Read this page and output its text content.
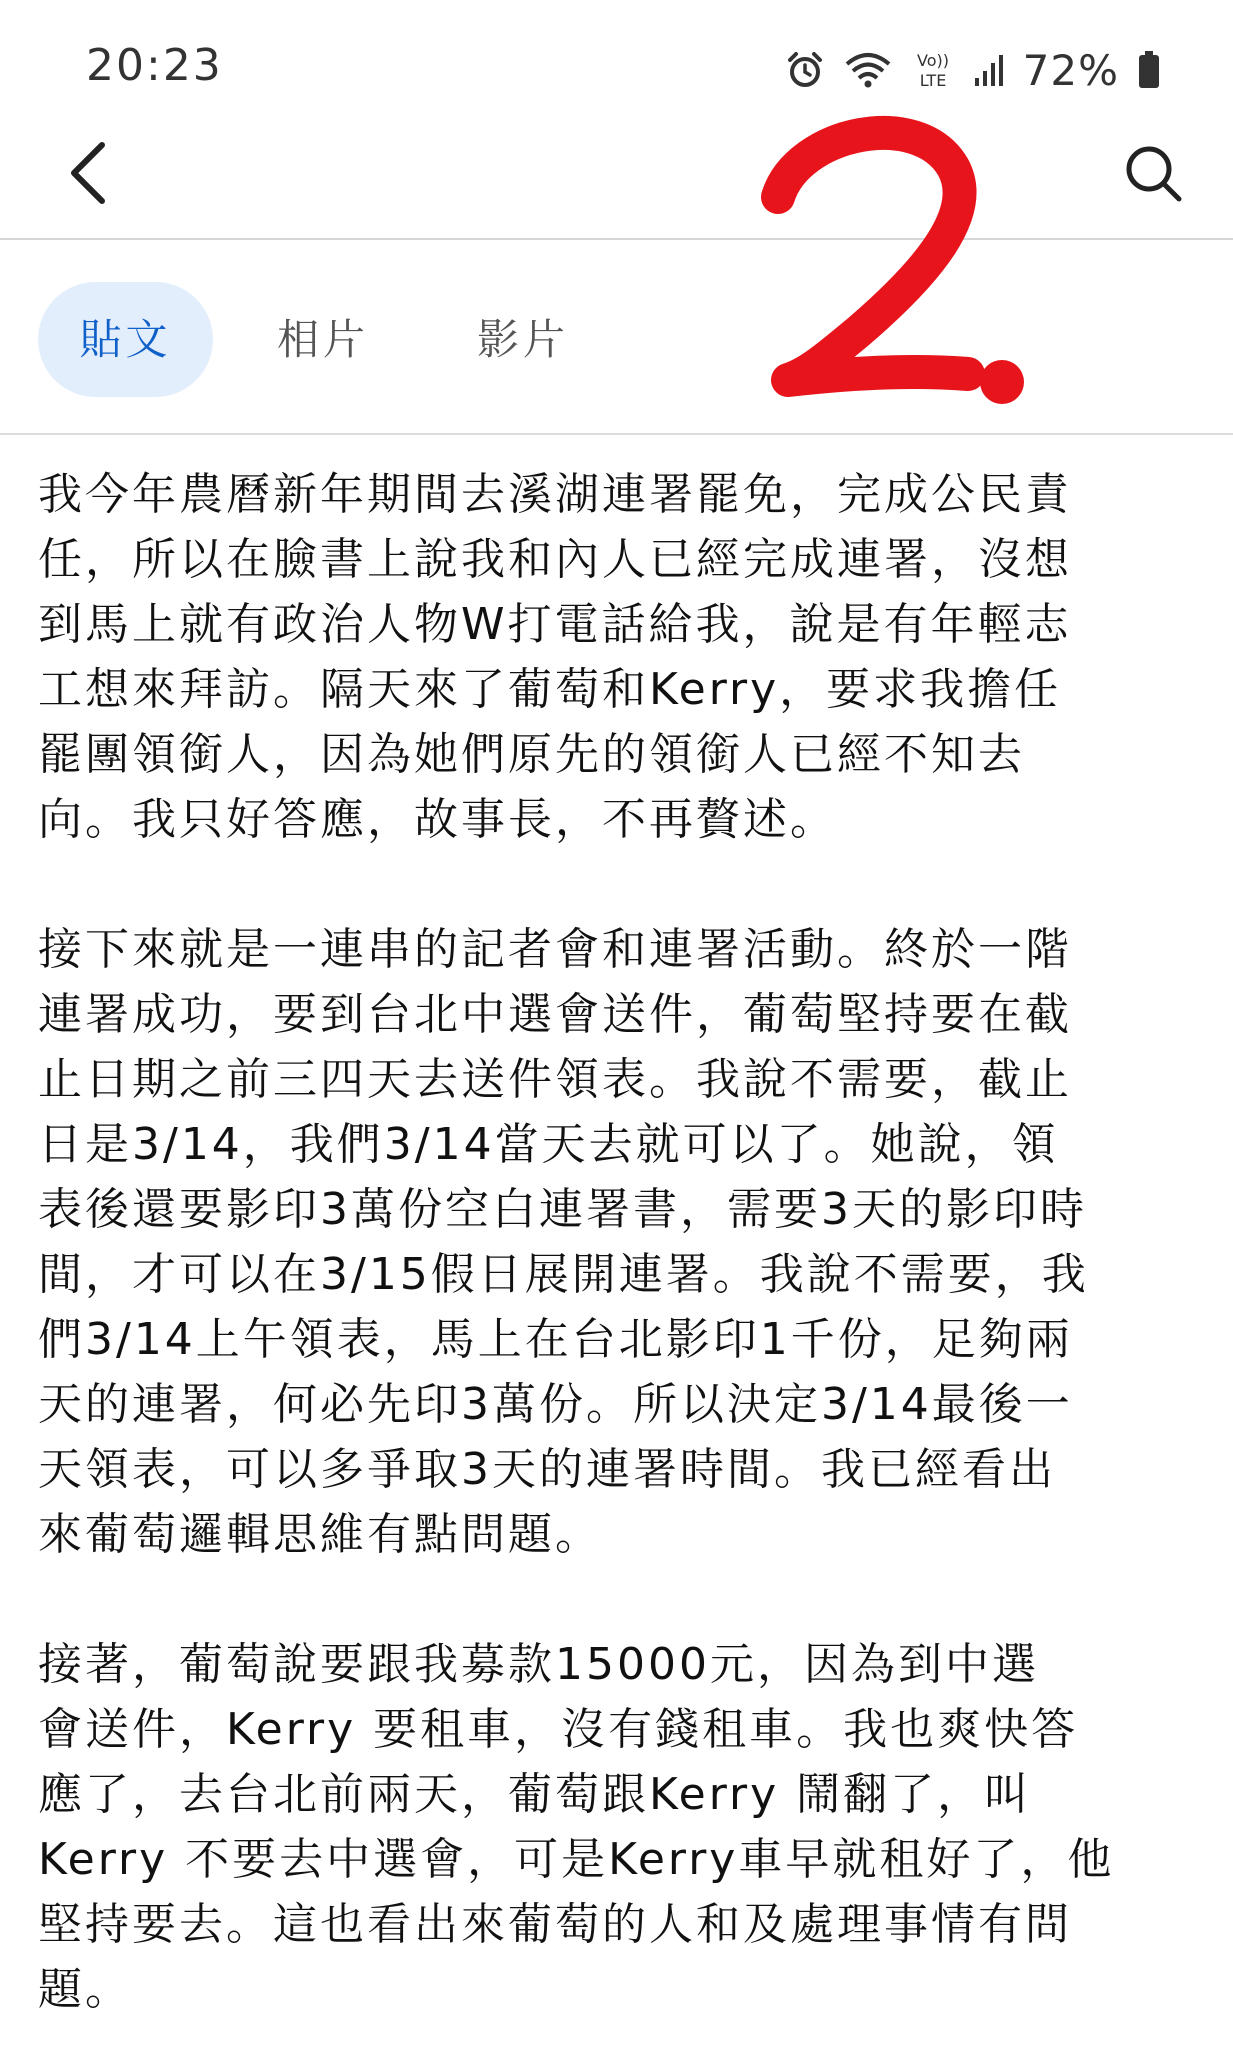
20:23	Vo))
LTE 72%
貼文	相片	影片
我今年農曆新年期間去溪湖連署罷免，完成公民責
任，所以在臉書上說我和內人已經完成連署，沒想
到馬上就有政治人物W打電話給我，說是有年輕志
工想來拜訪。隔天來了葡萄和Kerry，要求我擔任
罷團領銜人，因為她們原先的領銜人已經不知去
向。我只好答應，故事長，不再贅述。
接下來就是一連串的記者會和連署活動。終於一階
連署成功，要到台北中選會送件，葡萄堅持要在截
止日期之前三四天去送件領表。我說不需要，截止
日是3/14，我們3/14當天去就可以了。她說，領
表後還要影印3萬份空白連署書，需要3天的影印時
間，才可以在3/15假日展開連署。我說不需要，我
們3/14上午領表，馬上在台北影印1千份，足夠兩
天的連署，何必先印3萬份。所以決定3/14最後一
天領表，可以多爭取3天的連署時間。我已經看出
來葡萄邏輯思維有點問題。
接著，葡萄說要跟我募款15000元，因為到中選
會送件，Kerry 要租車，沒有錢租車。我也爽快答
應了，去台北前兩天，葡萄跟Kerry 鬧翻了，叫
Kerry 不要去中選會，可是Kerry車早就租好了，他
堅持要去。這也看出來葡萄的人和及處理事情有問
題。
